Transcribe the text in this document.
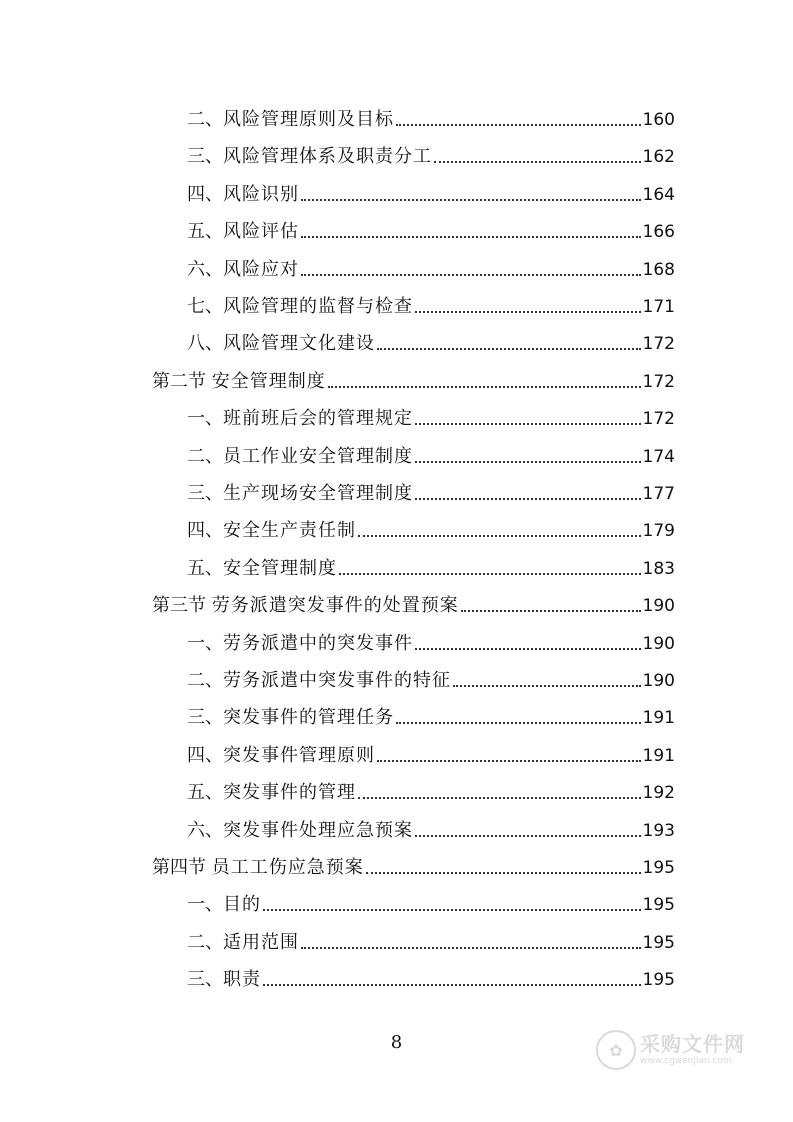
二、 风险管理原则及目标	160
三、 风险管理体系及职责分工	162
四、 风险识别	164
五、 风险评估	166
六、 风险应对	168
七、 风险管理的监督与检查	171
八、 风险管理文化建设	172
第二节 安全管理制度	172
一、 班前班后会的管理规定	172
二、 员工作业安全管理制度	174
三、 生产现场安全管理制度	177
四、 安全生产责任制	179
五、 安全管理制度	183
第三节 劳务派遣突发事件的处置预案	190
一、 劳务派遣中的突发事件	190
二、 劳务派遣中突发事件的特征	190
三、 突发事件的管理任务	191
四、 突发事件管理原则	191
五、 突发事件的管理	192
六、 突发事件处理应急预案	193
第四节 员工工伤应急预案	195
一、 目的	195
二、 适用范围	195
三、 职责	195
8	✿ 采购文件网
www.cgwenjian.com
